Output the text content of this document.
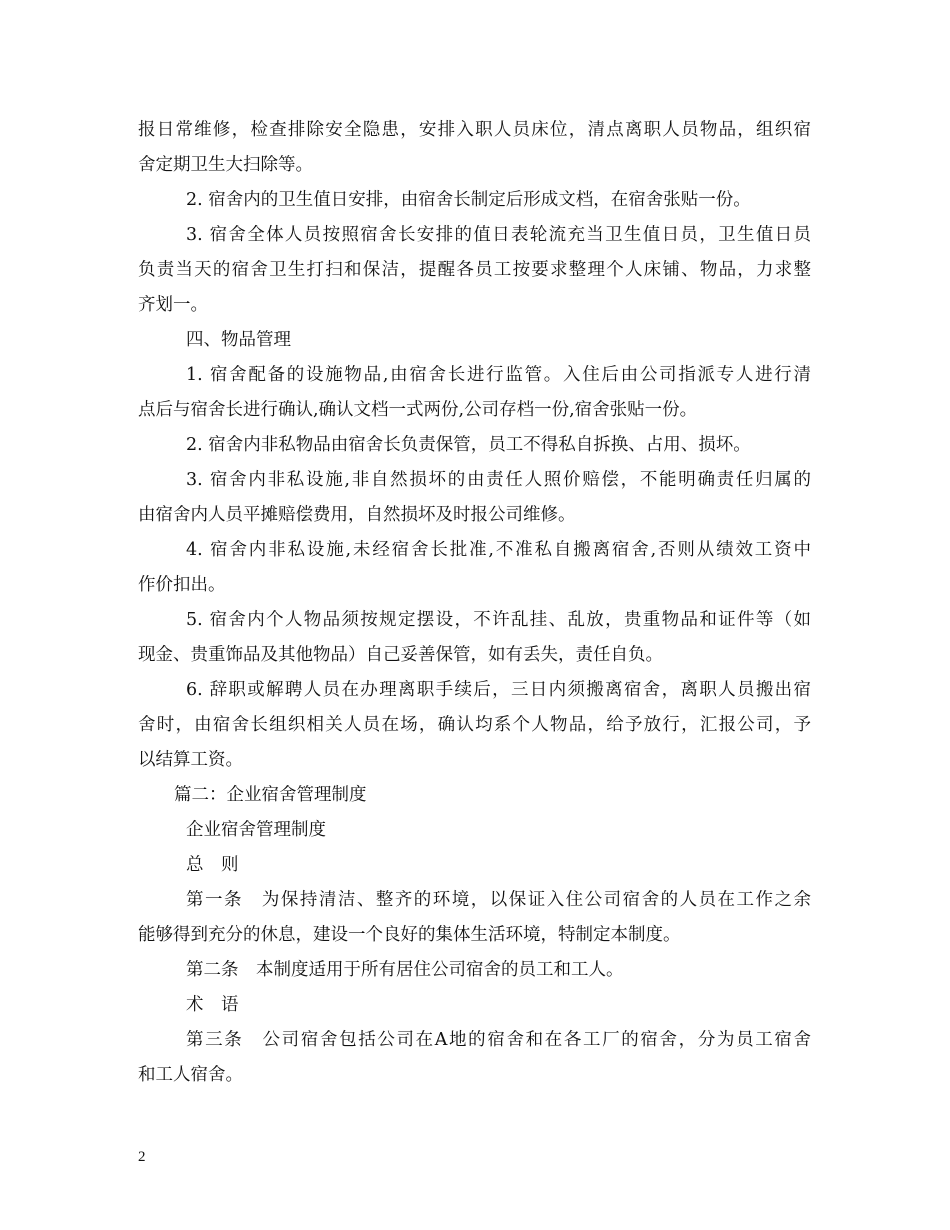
报日常维修，检查排除安全隐患，安排入职人员床位，清点离职人员物品，组织宿
舍定期卫生大扫除等。
2. 宿舍内的卫生值日安排，由宿舍长制定后形成文档，在宿舍张贴一份。
3. 宿舍全体人员按照宿舍长安排的值日表轮流充当卫生值日员，卫生值日员
负责当天的宿舍卫生打扫和保洁，提醒各员工按要求整理个人床铺、物品，力求整
齐划一。
四、物品管理
1. 宿舍配备的设施物品,由宿舍长进行监管。入住后由公司指派专人进行清
点后与宿舍长进行确认,确认文档一式两份,公司存档一份,宿舍张贴一份。
2. 宿舍内非私物品由宿舍长负责保管，员工不得私自拆换、占用、损坏。
3. 宿舍内非私设施,非自然损坏的由责任人照价赔偿，不能明确责任归属的
由宿舍内人员平摊赔偿费用，自然损坏及时报公司维修。
4. 宿舍内非私设施,未经宿舍长批准,不准私自搬离宿舍,否则从绩效工资中
作价扣出。
5. 宿舍内个人物品须按规定摆设，不许乱挂、乱放，贵重物品和证件等（如
现金、贵重饰品及其他物品）自己妥善保管，如有丢失，责任自负。
6. 辞职或解聘人员在办理离职手续后，三日内须搬离宿舍，离职人员搬出宿
舍时，由宿舍长组织相关人员在场，确认均系个人物品，给予放行，汇报公司，予
以结算工资。
篇二：企业宿舍管理制度
企业宿舍管理制度
总　则
第一条　为保持清洁、整齐的环境，以保证入住公司宿舍的人员在工作之余
能够得到充分的休息，建设一个良好的集体生活环境，特制定本制度。
第二条　本制度适用于所有居住公司宿舍的员工和工人。
术　语
第三条　公司宿舍包括公司在A地的宿舍和在各工厂的宿舍，分为员工宿舍
和工人宿舍。
2
